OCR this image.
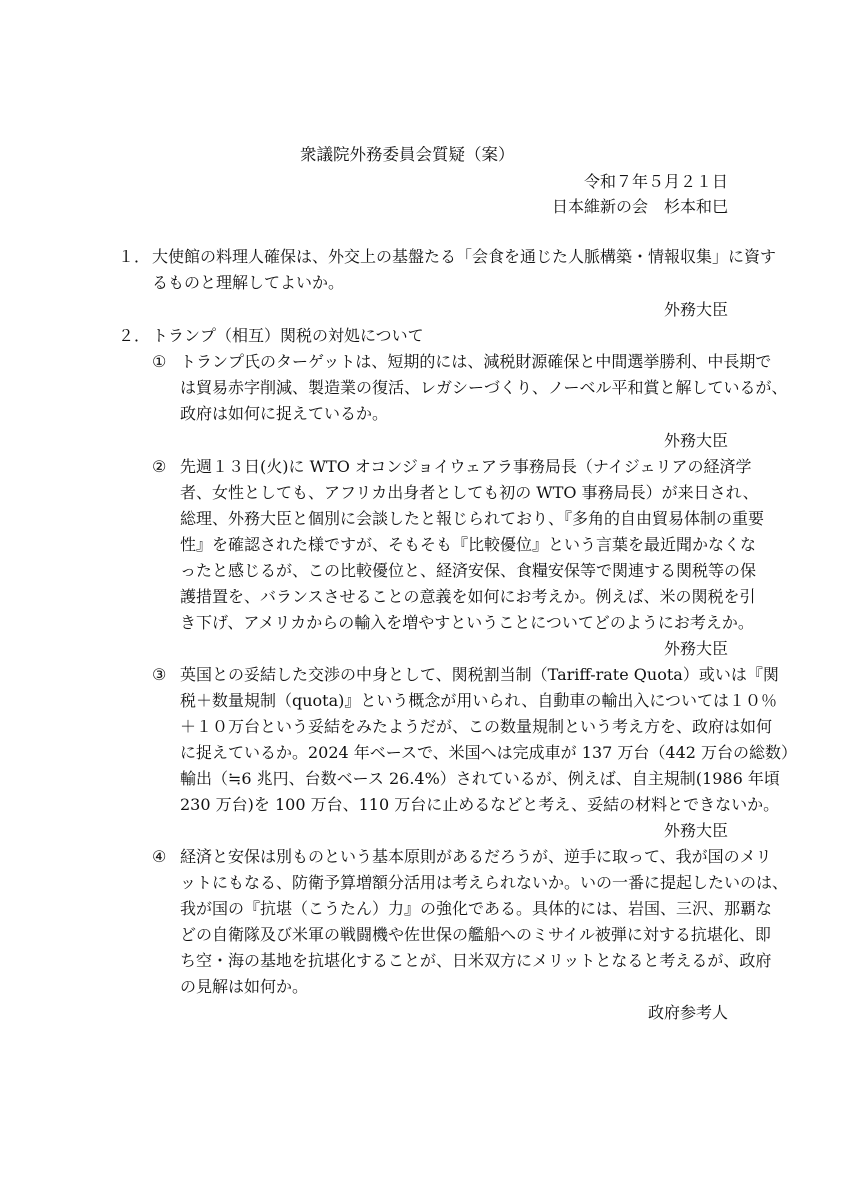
衆議院外務委員会質疑（案）
令和７年５月２１日
日本維新の会　杉本和巳
１． 大使館の料理人確保は、外交上の基盤たる「会食を通じた人脈構築・情報収集」に資す
るものと理解してよいか。
外務大臣
２． トランプ（相互）関税の対処について
① トランプ氏のターゲットは、短期的には、減税財源確保と中間選挙勝利、中長期で
は貿易赤字削減、製造業の復活、レガシーづくり、ノーベル平和賞と解しているが、
政府は如何に捉えているか。
外務大臣
② 先週１３日(火)に WTO オコンジョイウェアラ事務局長（ナイジェリアの経済学
者、女性としても、アフリカ出身者としても初の WTO 事務局長）が来日され、
総理、外務大臣と個別に会談したと報じられており、『多角的自由貿易体制の重要
性』を確認された様ですが、そもそも『比較優位』という言葉を最近聞かなくな
ったと感じるが、この比較優位と、経済安保、食糧安保等で関連する関税等の保
護措置を、バランスさせることの意義を如何にお考えか。例えば、米の関税を引
き下げ、アメリカからの輸入を増やすということについてどのようにお考えか。
外務大臣
③ 英国との妥結した交渉の中身として、関税割当制（Tariff-rate Quota）或いは『関
税＋数量規制（quota)』という概念が用いられ、自動車の輸出入については１０％
＋１０万台という妥結をみたようだが、この数量規制という考え方を、政府は如何
に捉えているか。2024 年ベースで、米国へは完成車が 137 万台（442 万台の総数）
輸出（≒6 兆円、台数ベース 26.4%）されているが、例えば、自主規制(1986 年頃
230 万台)を 100 万台、110 万台に止めるなどと考え、妥結の材料とできないか。
外務大臣
④ 経済と安保は別ものという基本原則があるだろうが、逆手に取って、我が国のメリ
ットにもなる、防衛予算増額分活用は考えられないか。いの一番に提起したいのは、
我が国の『抗堪（こうたん）力』の強化である。具体的には、岩国、三沢、那覇な
どの自衛隊及び米軍の戦闘機や佐世保の艦船へのミサイル被弾に対する抗堪化、即
ち空・海の基地を抗堪化することが、日米双方にメリットとなると考えるが、政府
の見解は如何か。
政府参考人
